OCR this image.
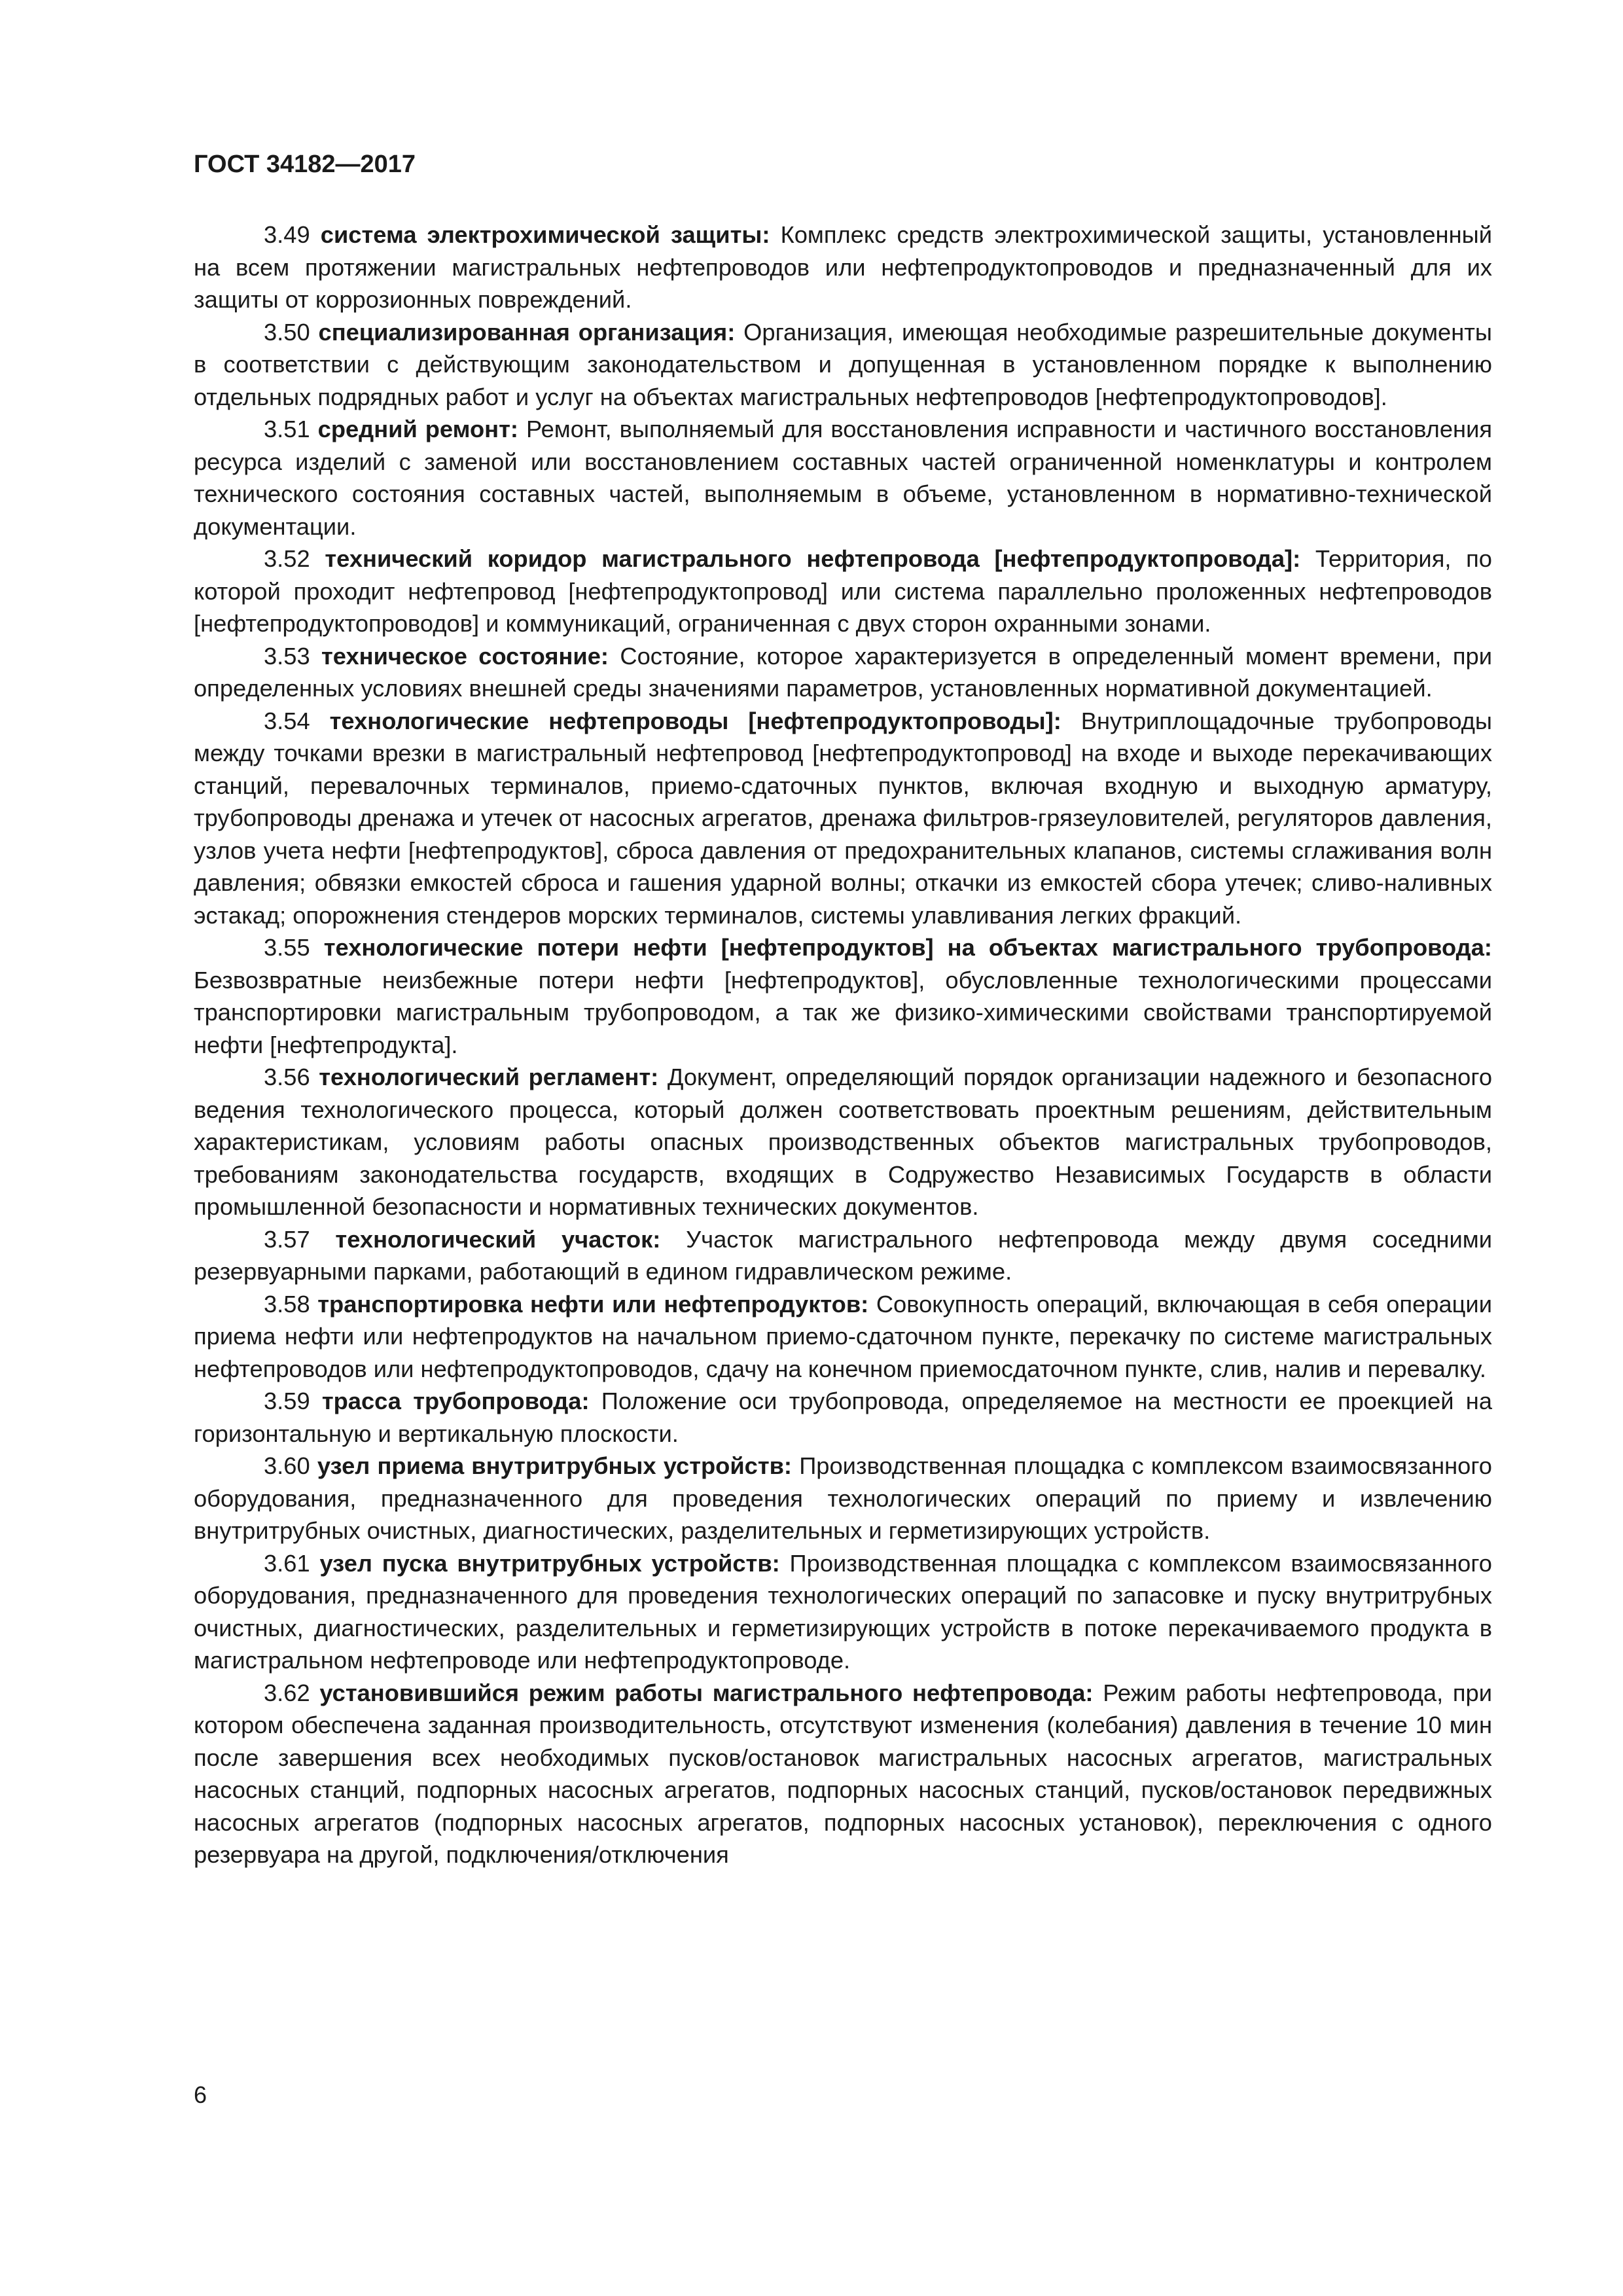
ГОСТ 34182—2017

3.49 система электрохимической защиты: Комплекс средств электрохимической защиты, установленный на всем протяжении магистральных нефтепроводов или нефтепродуктопроводов и предназначенный для их защиты от коррозионных повреждений.

3.50 специализированная организация: Организация, имеющая необходимые разрешительные документы в соответствии с действующим законодательством и допущенная в установленном порядке к выполнению отдельных подрядных работ и услуг на объектах магистральных нефтепроводов [нефтепродуктопроводов].

3.51 средний ремонт: Ремонт, выполняемый для восстановления исправности и частичного восстановления ресурса изделий с заменой или восстановлением составных частей ограниченной номенклатуры и контролем технического состояния составных частей, выполняемым в объеме, установленном в нормативно-технической документации.

3.52 технический коридор магистрального нефтепровода [нефтепродуктопровода]: Территория, по которой проходит нефтепровод [нефтепродуктопровод] или система параллельно проложенных нефтепроводов [нефтепродуктопроводов] и коммуникаций, ограниченная с двух сторон охранными зонами.

3.53 техническое состояние: Состояние, которое характеризуется в определенный момент времени, при определенных условиях внешней среды значениями параметров, установленных нормативной документацией.

3.54 технологические нефтепроводы [нефтепродуктопроводы]: Внутриплощадочные трубопроводы между точками врезки в магистральный нефтепровод [нефтепродуктопровод] на входе и выходе перекачивающих станций, перевалочных терминалов, приемо-сдаточных пунктов, включая входную и выходную арматуру, трубопроводы дренажа и утечек от насосных агрегатов, дренажа фильтров-грязеуловителей, регуляторов давления, узлов учета нефти [нефтепродуктов], сброса давления от предохранительных клапанов, системы сглаживания волн давления; обвязки емкостей сброса и гашения ударной волны; откачки из емкостей сбора утечек; сливо-наливных эстакад; опорожнения стендеров морских терминалов, системы улавливания легких фракций.

3.55 технологические потери нефти [нефтепродуктов] на объектах магистрального трубопровода: Безвозвратные неизбежные потери нефти [нефтепродуктов], обусловленные технологическими процессами транспортировки магистральным трубопроводом, а так же физико-химическими свойствами транспортируемой нефти [нефтепродукта].

3.56 технологический регламент: Документ, определяющий порядок организации надежного и безопасного ведения технологического процесса, который должен соответствовать проектным решениям, действительным характеристикам, условиям работы опасных производственных объектов магистральных трубопроводов, требованиям законодательства государств, входящих в Содружество Независимых Государств в области промышленной безопасности и нормативных технических документов.

3.57 технологический участок: Участок магистрального нефтепровода между двумя соседними резервуарными парками, работающий в едином гидравлическом режиме.

3.58 транспортировка нефти или нефтепродуктов: Совокупность операций, включающая в себя операции приема нефти или нефтепродуктов на начальном приемо-сдаточном пункте, перекачку по системе магистральных нефтепроводов или нефтепродуктопроводов, сдачу на конечном приемосдаточном пункте, слив, налив и перевалку.

3.59 трасса трубопровода: Положение оси трубопровода, определяемое на местности ее проекцией на горизонтальную и вертикальную плоскости.

3.60 узел приема внутритрубных устройств: Производственная площадка с комплексом взаимосвязанного оборудования, предназначенного для проведения технологических операций по приему и извлечению внутритрубных очистных, диагностических, разделительных и герметизирующих устройств.

3.61 узел пуска внутритрубных устройств: Производственная площадка с комплексом взаимосвязанного оборудования, предназначенного для проведения технологических операций по запасовке и пуску внутритрубных очистных, диагностических, разделительных и герметизирующих устройств в потоке перекачиваемого продукта в магистральном нефтепроводе или нефтепродуктопроводе.

3.62 установившийся режим работы магистрального нефтепровода: Режим работы нефтепровода, при котором обеспечена заданная производительность, отсутствуют изменения (колебания) давления в течение 10 мин после завершения всех необходимых пусков/остановок магистральных насосных агрегатов, магистральных насосных станций, подпорных насосных агрегатов, подпорных насосных станций, пусков/остановок передвижных насосных агрегатов (подпорных насосных агрегатов, подпорных насосных установок), переключения с одного резервуара на другой, подключения/отключения

6
